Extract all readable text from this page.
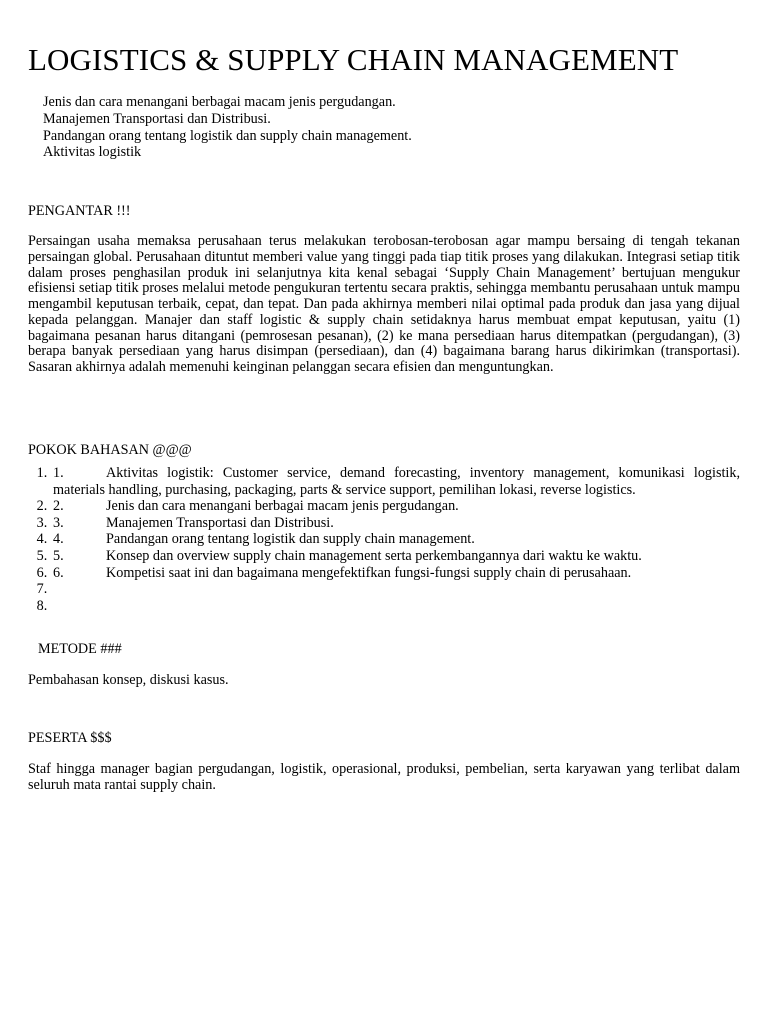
LOGISTICS & SUPPLY CHAIN MANAGEMENT
Jenis dan cara menangani berbagai macam jenis pergudangan.
Manajemen Transportasi dan Distribusi.
Pandangan orang tentang logistik dan supply chain management.
Aktivitas logistik
PENGANTAR !!!

Persaingan usaha memaksa perusahaan terus melakukan terobosan-terobosan agar mampu bersaing di tengah tekanan persaingan global. Perusahaan dituntut memberi value yang tinggi pada tiap titik proses yang dilakukan. Integrasi setiap titik dalam proses penghasilan produk ini selanjutnya kita kenal sebagai ‘Supply Chain Management’ bertujuan mengukur efisiensi setiap titik proses melalui metode pengukuran tertentu secara praktis, sehingga membantu perusahaan untuk mampu mengambil keputusan terbaik, cepat, dan tepat. Dan pada akhirnya memberi nilai optimal pada produk dan jasa yang dijual kepada pelanggan. Manajer dan staff logistic & supply chain setidaknya harus membuat empat keputusan, yaitu (1) bagaimana pesanan harus ditangani (pemrosesan pesanan), (2) ke mana persediaan harus ditempatkan (pergudangan), (3) berapa banyak persediaan yang harus disimpan (persediaan), dan (4) bagaimana barang harus dikirimkan (transportasi). Sasaran akhirnya adalah memenuhi keinginan pelanggan secara efisien dan menguntungkan.

POKOK BAHASAN @@@
1. 1.	Aktivitas logistik: Customer service, demand forecasting, inventory management, komunikasi logistik, materials handling, purchasing, packaging, parts & service support, pemilihan lokasi, reverse logistics.
2. 2.	Jenis dan cara menangani berbagai macam jenis pergudangan.
3. 3.	Manajemen Transportasi dan Distribusi.
4. 4.	Pandangan orang tentang logistik dan supply chain management.
5. 5.	Konsep dan overview supply chain management serta perkembangannya dari waktu ke waktu.
6. 6.	Kompetisi saat ini dan bagaimana mengefektifkan fungsi-fungsi supply chain di perusahaan.
7.
8.
METODE ###

Pembahasan konsep, diskusi kasus.

PESERTA $$$

Staf hingga manager bagian pergudangan, logistik, operasional, produksi, pembelian, serta karyawan yang terlibat dalam seluruh mata rantai supply chain.
